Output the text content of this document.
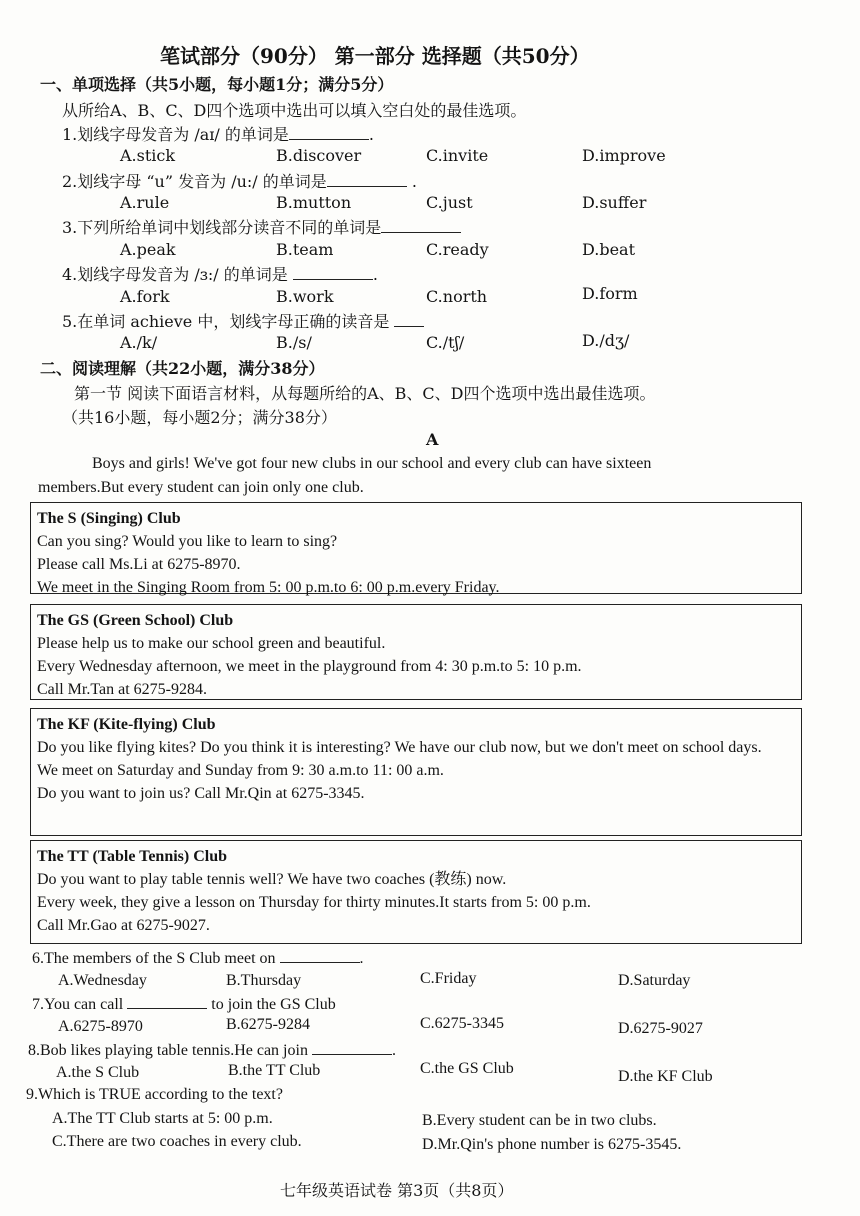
笔试部分（90分） 第一部分 选择题（共50分）
一、单项选择（共5小题，每小题1分；满分5分）
从所给A、B、C、D四个选项中选出可以填入空白处的最佳选项。
1.划线字母发音为 /aɪ/ 的单词是	.
A.stick	B.discover	C.invite	D.improve
2.划线字母 “u” 发音为 /u:/ 的单词是	.
A.rule	B.mutton	C.just	D.suffer
3.下列所给单词中划线部分读音不同的单词是
A.peak	B.team	C.ready	D.beat
4.划线字母发音为 /ɜ:/ 的单词是	.
A.fork	B.work	C.north	D.form
5.在单词 achieve 中，划线字母正确的读音是
A./k/	B./s/	C./tʃ/	D./dʒ/
二、阅读理解（共22小题，满分38分）
第一节 阅读下面语言材料，从每题所给的A、B、C、D四个选项中选出最佳选项。
（共16小题，每小题2分；满分38分）
A
Boys and girls! We've got four new clubs in our school and every club can have sixteen
members.But every student can join only one club.
The S (Singing) Club
Can you sing? Would you like to learn to sing?
Please call Ms.Li at 6275-8970.
We meet in the Singing Room from 5: 00 p.m.to 6: 00 p.m.every Friday.
The GS (Green School) Club
Please help us to make our school green and beautiful.
Every Wednesday afternoon, we meet in the playground from 4: 30 p.m.to 5: 10 p.m.
Call Mr.Tan at 6275-9284.
The KF (Kite-flying) Club
Do you like flying kites? Do you think it is interesting? We have our club now, but we don't meet on school days.
We meet on Saturday and Sunday from 9: 30 a.m.to 11: 00 a.m.
Do you want to join us? Call Mr.Qin at 6275-3345.
The TT (Table Tennis) Club
Do you want to play table tennis well? We have two coaches (教练) now.
Every week, they give a lesson on Thursday for thirty minutes.It starts from 5: 00 p.m.
Call Mr.Gao at 6275-9027.
6.The members of the S Club meet on	.
A.Wednesday	B.Thursday	C.Friday	D.Saturday
7.You can call	to join the GS Club
A.6275-8970	B.6275-9284	C.6275-3345	D.6275-9027
8.Bob likes playing table tennis.He can join	.
A.the S Club	B.the TT Club	C.the GS Club	D.the KF Club
9.Which is TRUE according to the text?
A.The TT Club starts at 5: 00 p.m.	B.Every student can be in two clubs.
C.There are two coaches in every club.	D.Mr.Qin's phone number is 6275-3545.
七年级英语试卷 第3页（共8页）
